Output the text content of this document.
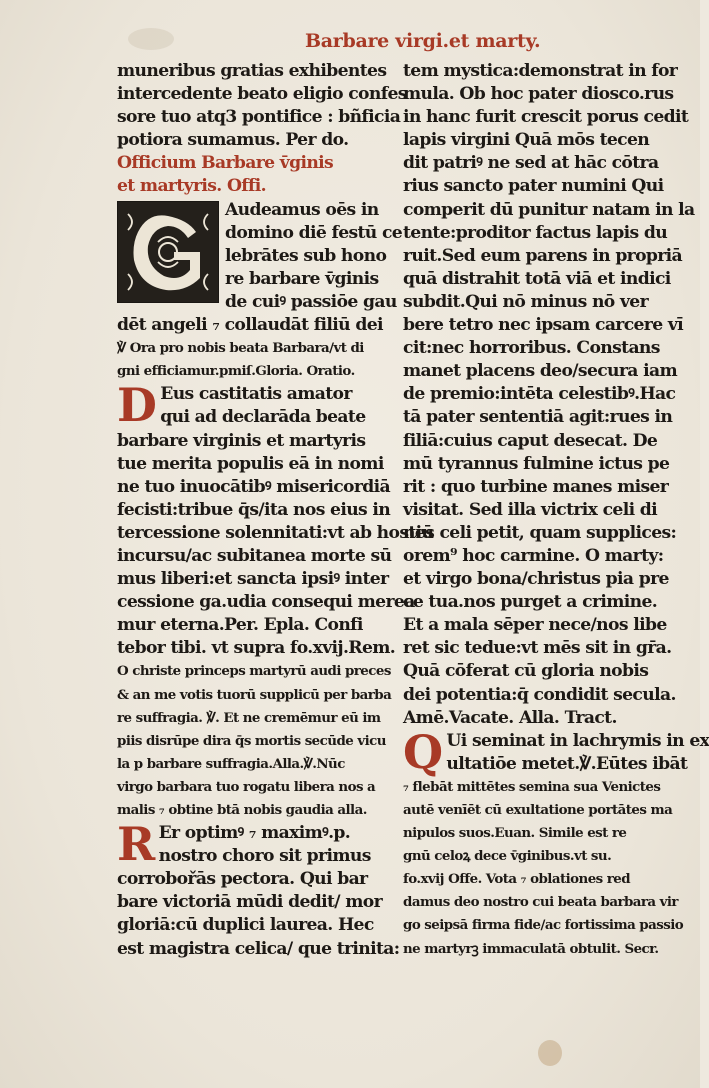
Barbare virgi.et marty.
muneribus gratias exhibentes
intercedente beato eligio confes
sore tuo atq3 pontifice : bñficia
potiora sumamus. Per do.
Officium Barbare v̄ginis
et martyris. Offi.
Audeamus oēs in
domino diē festū ce
lebrātes sub hono
re barbare v̄ginis
de cuiꝰ passiōe gau
dēt angeli ₇ collaudāt filiū dei
℣ Ora pro nobis beata Barbara/vt di
gni efficiamur.pmiſ.Gloria. Oratio.
D Eus castitatis amator
qui ad declarāda beate
barbare virginis et martyris
tue merita populis eā in nomi
ne tuo inuocātibꝰ misericordiā
fecisti:tribue q̄s/ita nos eius in
tercessione solennitati:vt ab hostiū
incursu/ac subitanea morte sū
mus liberi:et sancta ipsiꝰ inter
cessione ga.udia consequi merea
mur eterna.Per. Epla. Confi
tebor tibi. vt supra fo.xvij.Rem.
O christe princeps martyrū audi preces
& an me votis tuorū supplicū per barba
re suffragia. ℣. Et ne cremēmur eū im
piis disrūpe dira q̄s mortis secūde vicu
la p barbare suffragia.Alla.℣.Nūc
virgo barbara tuo rogatu libera nos a
malis ₇ obtine btā nobis gaudia alla.
R Er optimꝰ ₇ maximꝰ.p.
nostro choro sit primus
corrobořās pectora. Qui bar
bare victoriā mūdi dedit/ mor
gloriā:cū duplici laurea. Hec
est magistra celica/ que trinita:
tem mystica:demonstrat in for
mula. Ob hoc pater diosco.rus
in hanc furit crescit porus cedit
lapis virgini Quā mōs tecen
dit patriꝰ ne sed at hāc cōtra
rius sancto pater numini Qui
comperit dū punitur natam in la
tente:proditor factus lapis du
ruit.Sed eum parens in propriā
quā distrahit totā viā et indici
subdit.Qui nō minus nō ver
bere tetro nec ipsam carcere vī
cit:nec horroribus. Constans
manet placens deo/secura iam
de premio:intēta celestibꝰ.Hac
tā pater sententiā agit:rues in
filiā:cuius caput desecat. De
mū tyrannus fulmine ictus pe
rit : quo turbine manes miser
visitat. Sed illa victrix celi di
nes celi petit, quam supplices:
orem⁹ hoc carmine. O marty:
et virgo bona/christus pia pre
ce tua.nos purget a crimine.
Et a mala sēper nece/nos libe
ret sic tedue:vt mēs sit in gr̄a.
Quā cōferat cū gloria nobis
dei potentia:q̄ condidit secula.
Amē.Vacate. Alla. Tract.
Q Ui seminat in lachrymis in ex
ultatiōe metet.℣.Eūtes ibāt
₇ flebāt mittētes semina sua Venictes
autē venīēt cū exultatione portātes ma
nipulos suos.Euan. Simile est re
gnū celoꝝ dece v̄ginibus.vt su.
fo.xvij Offe. Vota ₇ oblationes red
damus deo nostro cui beata barbara vir
go seipsā firma fide/ac fortissima passio
ne martyrꝫ immaculatā obtulit. Secr.
